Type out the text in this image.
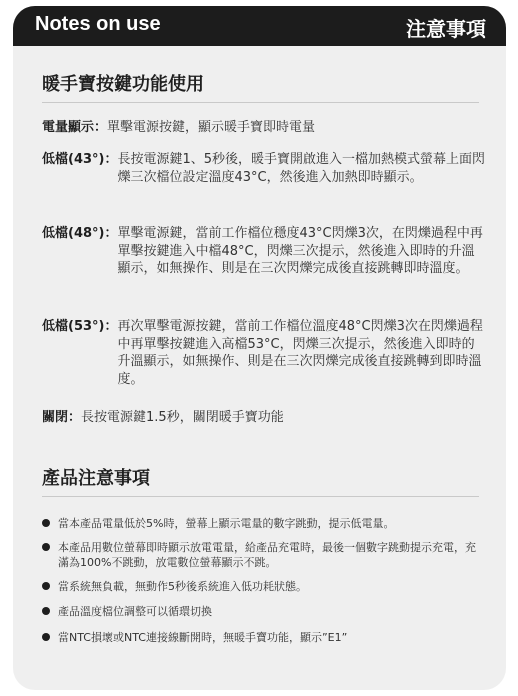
Notes on use	注意事項
暖手寶按鍵功能使用
電量顯示： 單擊電源按鍵，顯示暖手寶即時電量
低檔(43°)： 長按電源鍵1、5秒後，暖手寶開啟進入一檔加熱模式螢幕上面閃爍三次檔位設定溫度43°C，然後進入加熱即時顯示。
低檔(48°)： 單擊電源鍵，當前工作檔位穩度43°C閃爍3次，在閃爍過程中再單擊按鍵進入中檔48°C，閃爍三次提示，然後進入即時的升溫顯示，如無操作、則是在三次閃爍完成後直接跳轉即時溫度。
低檔(53°)： 再次單擊電源按鍵，當前工作檔位溫度48°C閃爍3次在閃爍過程中再單擊按鍵進入高檔53°C，閃爍三次提示，然後進入即時的升溫顯示，如無操作、則是在三次閃爍完成後直接跳轉到即時溫度。
關閉： 長按電源鍵1.5秒，關閉暖手寶功能
產品注意事項
當本產品電量低於5%時，螢幕上顯示電量的數字跳動，提示低電量。
本產品用數位螢幕即時顯示放電電量，給產品充電時，最後一個數字跳動提示充電，充滿為100%不跳動，放電數位螢幕顯示不跳。
當系統無負載，無動作5秒後系統進入低功耗狀態。
產品溫度檔位調整可以循環切換
當NTC損壞或NTC連接線斷開時，無暖手寶功能，顯示”E1”
